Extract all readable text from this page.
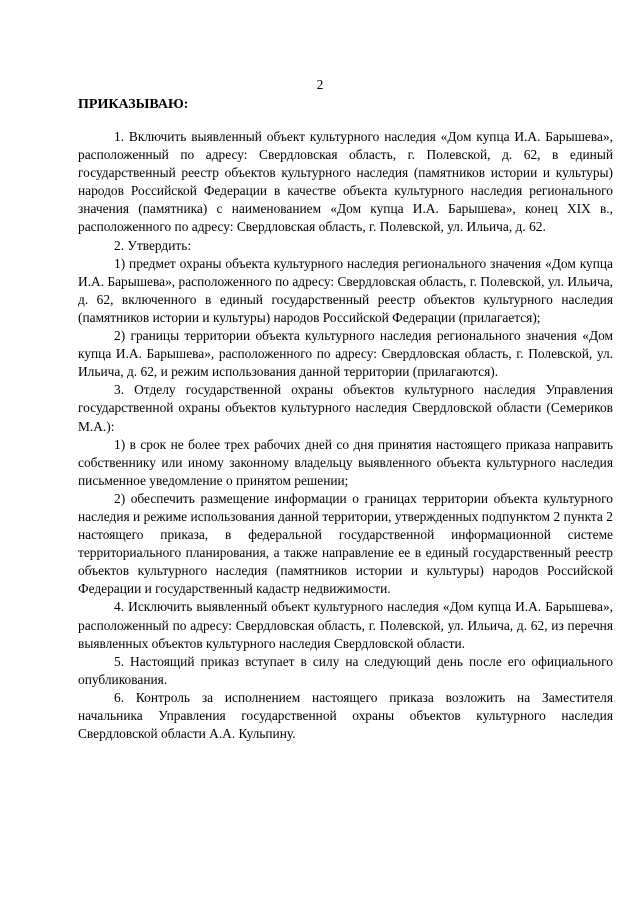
2
ПРИКАЗЫВАЮ:

1. Включить выявленный объект культурного наследия «Дом купца И.А. Барышева», расположенный по адресу: Свердловская область, г. Полевской, д. 62, в единый государственный реестр объектов культурного наследия (памятников истории и культуры) народов Российской Федерации в качестве объекта культурного наследия регионального значения (памятника) с наименованием «Дом купца И.А. Барышева», конец XIX в., расположенного по адресу: Свердловская область, г. Полевской, ул. Ильича, д. 62.

2. Утвердить:

1) предмет охраны объекта культурного наследия регионального значения «Дом купца И.А. Барышева», расположенного по адресу: Свердловская область, г. Полевской, ул. Ильича, д. 62, включенного в единый государственный реестр объектов культурного наследия (памятников истории и культуры) народов Российской Федерации (прилагается);

2) границы территории объекта культурного наследия регионального значения «Дом купца И.А. Барышева», расположенного по адресу: Свердловская область, г. Полевской, ул. Ильича, д. 62, и режим использования данной территории (прилагаются).

3. Отделу государственной охраны объектов культурного наследия Управления государственной охраны объектов культурного наследия Свердловской области (Семериков М.А.):

1) в срок не более трех рабочих дней со дня принятия настоящего приказа направить собственнику или иному законному владельцу выявленного объекта культурного наследия письменное уведомление о принятом решении;

2) обеспечить размещение информации о границах территории объекта культурного наследия и режиме использования данной территории, утвержденных подпунктом 2 пункта 2 настоящего приказа, в федеральной государственной информационной системе территориального планирования, а также направление ее в единый государственный реестр объектов культурного наследия (памятников истории и культуры) народов Российской Федерации и государственный кадастр недвижимости.

4. Исключить выявленный объект культурного наследия «Дом купца И.А. Барышева», расположенный по адресу: Свердловская область, г. Полевской, ул. Ильича, д. 62, из перечня выявленных объектов культурного наследия Свердловской области.

5. Настоящий приказ вступает в силу на следующий день после его официального опубликования.

6. Контроль за исполнением настоящего приказа возложить на Заместителя начальника Управления государственной охраны объектов культурного наследия Свердловской области А.А. Кульпину.
